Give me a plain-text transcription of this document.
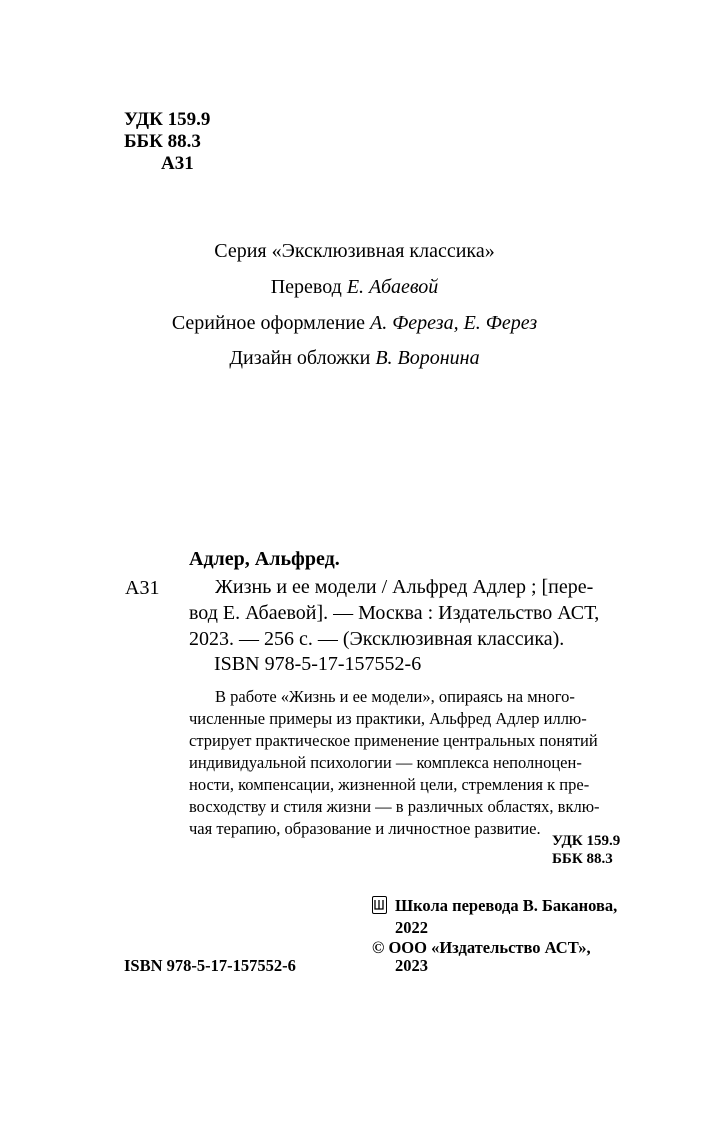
УДК 159.9
ББК 88.3
А31
Серия «Эксклюзивная классика»
Перевод Е. Абаевой
Серийное оформление А. Фереза, Е. Ферез
Дизайн обложки В. Воронина
Адлер, Альфред.
А31	Жизнь и ее модели / Альфред Адлер ; [пере-
вод Е. Абаевой]. — Москва : Издательство АСТ,
2023. — 256 с. — (Эксклюзивная классика).
ISBN 978-5-17-157552-6
В работе «Жизнь и ее модели», опираясь на много-
численные примеры из практики, Альфред Адлер иллю-
стрирует практическое применение центральных понятий
индивидуальной психологии — комплекса неполноцен-
ности, компенсации, жизненной цели, стремления к пре-
восходству и стиля жизни — в различных областях, вклю-
чая терапию, образование и личностное развитие.
УДК 159.9
ББК 88.3
Школа перевода В. Баканова,
2022
© ООО «Издательство АСТ»,
2023
ISBN 978-5-17-157552-6
